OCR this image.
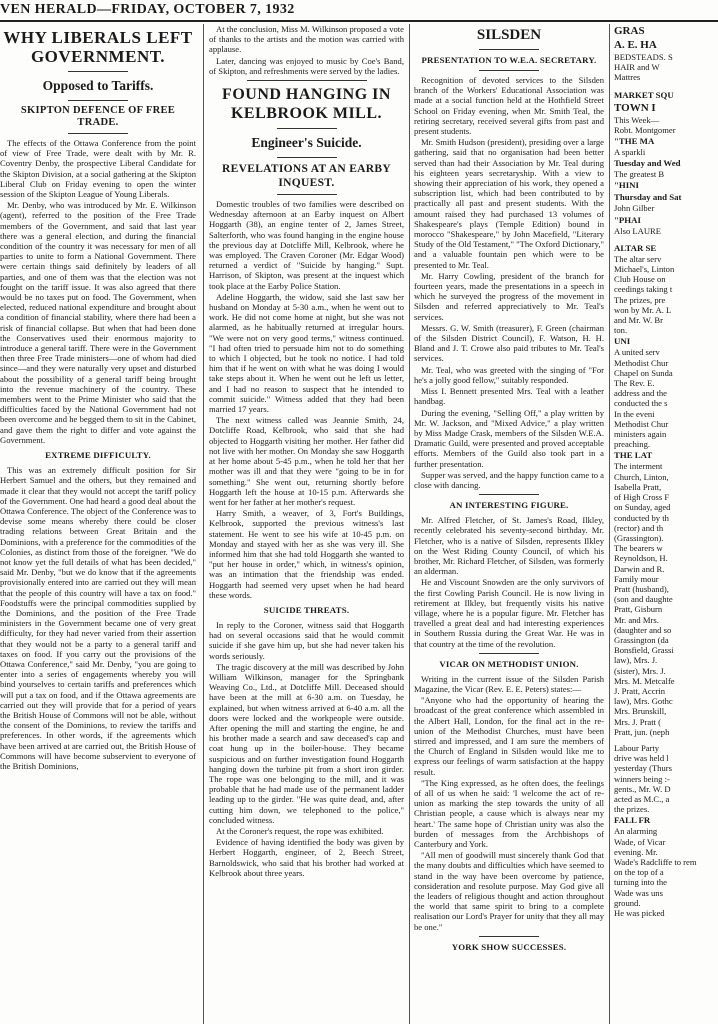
VEN HERALD—FRIDAY, OCTOBER 7, 1932
WHY LIBERALS LEFT GOVERNMENT.
Opposed to Tariffs.
SKIPTON DEFENCE OF FREE TRADE.

The effects of the Ottawa Conference from the point of view of Free Trade, were dealt with by Mr. R. Coventry Denby, the prospective Liberal Candidate for the Skipton Division, at a social gathering at the Skipton Liberal Club on Friday evening to open the winter session of the Skipton League of Young Liberals.

Mr. Denby, who was introduced by Mr. E. Wilkinson (agent), referred to the position of the Free Trade members of the Government, and said that last year there was a general election, and during the financial condition of the country it was necessary for men of all parties to unite to form a National Government. There were certain things said definitely by leaders of all parties, and one of them was that the election was not fought on the tariff issue. It was also agreed that there would be no taxes put on food. The Government, when elected, reduced national expenditure and brought about a condition of financial stability, where there had been a risk of financial collapse. But when that had been done the Conservatives used their enormous majority to introduce a general tariff. There were in the Government then three Free Trade ministers—one of whom had died since—and they were naturally very upset and disturbed about the possibility of a general tariff being brought into the revenue machinery of the country. These members went to the Prime Minister who said that the difficulties faced by the National Government had not been overcome and he begged them to sit in the Cabinet, and gave them the right to differ and vote against the Government.

EXTREME DIFFICULTY.

This was an extremely difficult position for Sir Herbert Samuel and the others, but they remained and made it clear that they would not accept the tariff policy of the Government. One had heard a good deal about the Ottawa Conference. The object of the Conference was to devise some means whereby there could be closer trading relations between Great Britain and the Dominions, with a preference for the commodities of the Colonies, as distinct from those of the foreigner. "We do not know yet the full details of what has been decided," said Mr. Denby, "but we do know that if the agreements provisionally entered into are carried out they will mean that the people of this country will have a tax on food." Foodstuffs were the principal commodities supplied by the Dominions, and the position of the Free Trade ministers in the Government became one of very great difficulty, for they had never varied from their assertion that they would not be a party to a general tariff and taxes on food. If you carry out the provisions of the Ottawa Conference," said Mr. Denby, "you are going to enter into a series of engagements whereby you will bind yourselves to certain tariffs and preferences which will put a tax on food, and if the Ottawa agreements are carried out they will provide that for a period of years the British House of Commons will not be able, without the consent of the Dominions, to review the tariffs and preferences. In other words, if the agreements which have been arrived at are carried out, the British House of Commons will have become subservient to everyone of the British Dominions,

At the conclusion, Miss M. Wilkinson proposed a vote of thanks to the artists and the motion was carried with applause.

Later, dancing was enjoyed to music by Coe's Band, of Skipton, and refreshments were served by the ladies.

FOUND HANGING IN KELBROOK MILL.
Engineer's Suicide.
REVELATIONS AT AN EARBY INQUEST.

Domestic troubles of two families were described on Wednesday afternoon at an Earby inquest on Albert Hoggarth (38), an engine tenter of 2, James Street, Salterforth, who was found hanging in the engine house the previous day at Dotcliffe Mill, Kelbrook, where he was employed. The Craven Coroner (Mr. Edgar Wood) returned a verdict of "Suicide by hanging." Supt. Harrison, of Skipton, was present at the inquest which took place at the Earby Police Station.

Adeline Hoggarth, the widow, said she last saw her husband on Monday at 5-30 a.m., when he went out to work. He did not come home at night, but she was not alarmed, as he habitually returned at irregular hours. "We were not on very good terms," witness continued. "I had often tried to persuade him not to do something to which I objected, but he took no notice. I had told him that if he went on with what he was doing I would take steps about it. When he went out he left us letter, and I had no reason to suspect that he intended to commit suicide." Witness added that they had been married 17 years.

The next witness called was Jeannie Smith, 24, Dotcliffe Road, Kelbrook, who said that she had objected to Hoggarth visiting her mother. Her father did not live with her mother. On Monday she saw Hoggarth at her home about 5-45 p.m., when he told her that her mother was ill and that they were "going to be in for something." She went out, returning shortly before Hoggarth left the house at 10-15 p.m. Afterwards she went for her father at her mother's request.

Harry Smith, a weaver, of 3, Fort's Buildings, Kelbrook, supported the previous witness's last statement. He went to see his wife at 10-45 p.m. on Monday and stayed with her as she was very ill. She informed him that she had told Hoggarth she wanted to "put her house in order," which, in witness's opinion, was an intimation that the friendship was ended. Hoggarth had seemed very upset when he had heard these words.

SUICIDE THREATS.

In reply to the Coroner, witness said that Hoggarth had on several occasions said that he would commit suicide if she gave him up, but she had never taken his words seriously.

The tragic discovery at the mill was described by John William Wilkinson, manager for the Springbank Weaving Co., Ltd., at Dotcliffe Mill. Deceased should have been at the mill at 6-30 a.m. on Tuesday, he explained, but when witness arrived at 6-40 a.m. all the doors were locked and the workpeople were outside. After opening the mill and starting the engine, he and his brother made a search and saw deceased's cap and coat hung up in the boiler-house. They became suspicious and on further investigation found Hoggarth hanging down the turbine pit from a short iron girder. The rope was one belonging to the mill, and it was probable that he had made use of the permanent ladder leading up to the girder. "He was quite dead, and, after cutting him down, we telephoned to the police," concluded witness.

At the Coroner's request, the rope was exhibited.

Evidence of having identified the body was given by Herbert Hoggarth, engineer, of 2, Beech Street, Barnoldswick, who said that his brother had worked at Kelbrook about three years.

SILSDEN
PRESENTATION TO W.E.A. SECRETARY.

Recognition of devoted services to the Silsden branch of the Workers' Educational Association was made at a social function held at the Hothfield Street School on Friday evening, when Mr. Smith Teal, the retiring secretary, received several gifts from past and present students.

Mr. Smith Hudson (president), presiding over a large gathering, said that no organisation had been better served than had their Association by Mr. Teal during his eighteen years secretaryship. With a view to showing their appreciation of his work, they opened a subscription list, which had been contributed to by practically all past and present students. With the amount raised they had purchased 13 volumes of Shakespeare's plays (Temple Edition) bound in morocco "Shakespeare," by John Macefield, "Literary Study of the Old Testament," "The Oxford Dictionary," and a valuable fountain pen which were to be presented to Mr. Teal.

Mr. Harry Cowling, president of the branch for fourteen years, made the presentations in a speech in which he surveyed the progress of the movement in Silsden and referred appreciatively to Mr. Teal's services.

Messrs. G. W. Smith (treasurer), F. Green (chairman of the Silsden District Council), F. Watson, H. H. Bland and J. T. Crowe also paid tributes to Mr. Teal's services.

Mr. Teal, who was greeted with the singing of "For he's a jolly good fellow," suitably responded.

Miss I. Bennett presented Mrs. Teal with a leather handbag.

During the evening, "Selling Off," a play written by Mr. W. Jackson, and "Mixed Advice," a play written by Miss Madge Crask, members of the Silsden W.E.A. Dramatic Guild, were presented and proved acceptable efforts. Members of the Guild also took part in a further presentation.

Supper was served, and the happy function came to a close with dancing.

AN INTERESTING FIGURE.

Mr. Alfred Fletcher, of St. James's Road, Ilkley, recently celebrated his seventy-second birthday. Mr. Fletcher, who is a native of Silsden, represents Ilkley on the West Riding County Council, of which his brother, Mr. Richard Fletcher, of Silsden, was formerly an alderman.

He and Viscount Snowden are the only survivors of the first Cowling Parish Council. He is now living in retirement at Ilkley, but frequently visits his native village, where he is a popular figure. Mr. Fletcher has travelled a great deal and had interesting experiences in Southern Russia during the Great War. He was in that country at the time of the revolution.

VICAR ON METHODIST UNION.

Writing in the current issue of the Silsden Parish Magazine, the Vicar (Rev. E. E. Peters) states:—

"Anyone who had the opportunity of hearing the broadcast of the great conference which assembled in the Albert Hall, London, for the final act in the re-union of the Methodist Churches, must have been stirred and impressed, and I am sure the members of the Church of England in Silsden would like me to express our feelings of warm satisfaction at the happy result.

"The King expressed, as he often does, the feelings of all of us when he said: 'I welcome the act of re-union as marking the step towards the unity of all Christian people, a cause which is always near my heart.' The same hope of Christian unity was also the burden of messages from the Archbishops of Canterbury and York.

"All men of goodwill must sincerely thank God that the many doubts and difficulties which have seemed to stand in the way have been overcome by patience, consideration and resolute purpose. May God give all the leaders of religious thought and action throughout the world that same spirit to bring to a complete realisation our Lord's Prayer for unity that they all may be one."

YORK SHOW SUCCESSES.
GRAS
A. E. HA
BEDSTEADS. S
HAIR and W
Mattres
MARKET SQU
TOWN I
This Week—
Robt. Montgomer
"THE MA
A sparkli
Tuesday and Wed
The greatest B
"HINI
Thursday and Sat
John Gilber
"PHAI
Also LAURE
ALTAR SE
The altar serv
Michael's, Linton
Club House on
ceedings taking t
The prizes, pre
won by Mr. A. L
and Mr. W. Br
ton.
UNI
A united serv
Methodist Chur
Chapel on Sunda
The Rev. E.
address and the
conducted the s
In the eveni
Methodist Chur
ministers again
preaching.
THE LAT
The interment
Church, Linton,
Isabella Pratt,
of High Cross F
on Sunday, aged
conducted by th
(rector) and th
(Grassington).
The bearers w
Reynoldson, H.
Darwin and R.
Family mour
Pratt (husband),
(son and daughte
Pratt, Gisburn
Mr. and Mrs.
(daughter and so
Grassington (da
Bonsfield, Grassi
law), Mrs. J.
(sister), Mrs. J.
Mrs. M. Metcalfe
J. Pratt, Accrin
law), Mrs. Gothc
Mrs. Brunskill,
Mrs. J. Pratt (
Pratt, jun. (neph
Labour Party
drive was held l
yesterday (Thurs
winners being :-
gents., Mr. W. D
acted as M.C., a
the prizes.
FALL FR
An alarming
Wade, of Vicar
evening. Mr.
Wade's Radcliffe to rem
on the top of a
turning into the
Wade was uns
ground.
He was picked
